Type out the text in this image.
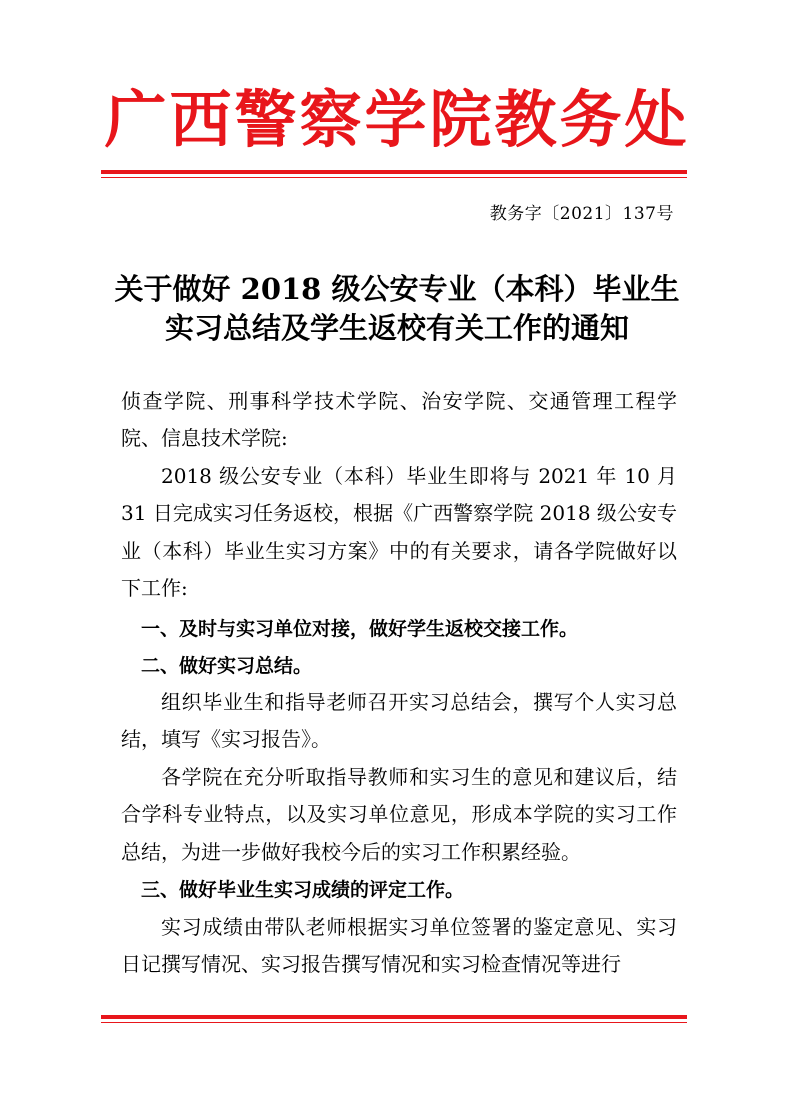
广西警察学院教务处
教务字〔2021〕137号
关于做好 2018 级公安专业（本科）毕业生
实习总结及学生返校有关工作的通知
侦查学院、刑事科学技术学院、治安学院、交通管理工程学院、信息技术学院:
2018 级公安专业（本科）毕业生即将与 2021 年 10 月 31 日完成实习任务返校，根据《广西警察学院 2018 级公安专业（本科）毕业生实习方案》中的有关要求，请各学院做好以下工作:
一、及时与实习单位对接，做好学生返校交接工作。
二、做好实习总结。
组织毕业生和指导老师召开实习总结会，撰写个人实习总结，填写《实习报告》。
各学院在充分听取指导教师和实习生的意见和建议后，结合学科专业特点，以及实习单位意见，形成本学院的实习工作总结，为进一步做好我校今后的实习工作积累经验。
三、做好毕业生实习成绩的评定工作。
实习成绩由带队老师根据实习单位签署的鉴定意见、实习日记撰写情况、实习报告撰写情况和实习检查情况等进行
